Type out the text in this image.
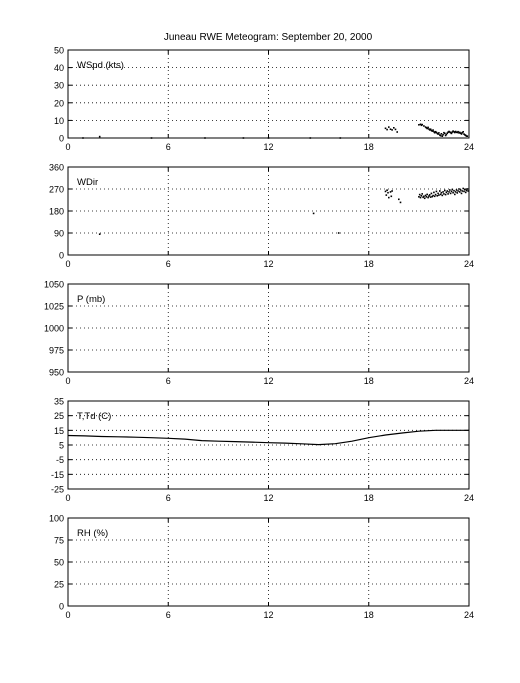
Juneau RWE Meteogram: September 20, 2000
0
10
20
30
40
50
0	6	12	18	24
WSpd (kts)
0
90
180
270
360
0	6	12	18	24
WDir
950
975
1000
1025
1050
0	6	12	18	24
P (mb)
-25
-15
-5
5
15
25
35
0	6	12	18	24
T,Td (C)
0
25
50
75
100
0	6	12	18	24
RH (%)
